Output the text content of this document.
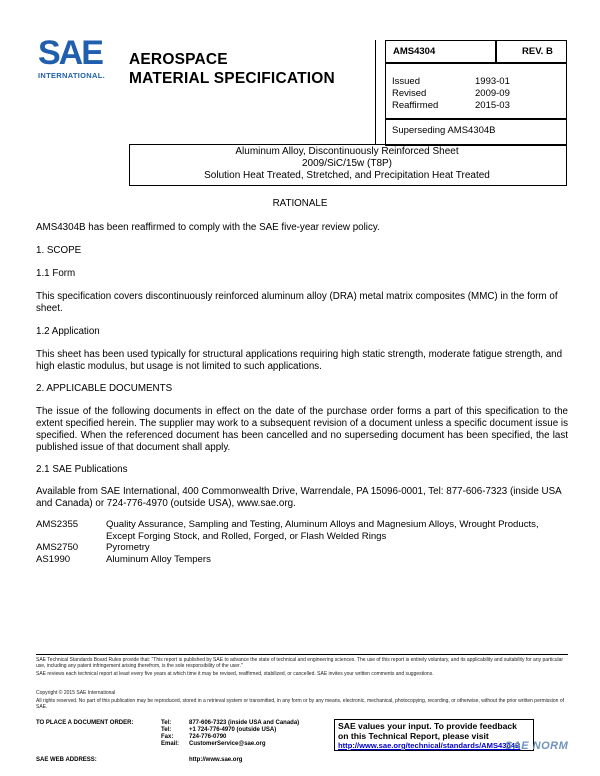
SAE
INTERNATIONAL.
AEROSPACE
MATERIAL SPECIFICATION
AMS4304	REV. B
Issued	1993-01
Revised	2009-09
Reaffirmed	2015-03
Superseding AMS4304B
Aluminum Alloy, Discontinuously Reinforced Sheet
2009/SiC/15w (T8P)
Solution Heat Treated, Stretched, and Precipitation Heat Treated
RATIONALE
AMS4304B has been reaffirmed to comply with the SAE five-year review policy.
1. SCOPE
1.1 Form
This specification covers discontinuously reinforced aluminum alloy (DRA) metal matrix composites (MMC) in the form of sheet.
1.2 Application
This sheet has been used typically for structural applications requiring high static strength, moderate fatigue strength, and high elastic modulus, but usage is not limited to such applications.
2. APPLICABLE DOCUMENTS
The issue of the following documents in effect on the date of the purchase order forms a part of this specification to the extent specified herein. The supplier may work to a subsequent revision of a document unless a specific document issue is specified. When the referenced document has been cancelled and no superseding document has been specified, the last published issue of that document shall apply.
2.1 SAE Publications
Available from SAE International, 400 Commonwealth Drive, Warrendale, PA 15096-0001, Tel: 877-606-7323 (inside USA and Canada) or 724-776-4970 (outside USA), www.sae.org.
AMS2355	Quality Assurance, Sampling and Testing, Aluminum Alloys and Magnesium Alloys, Wrought Products, Except Forging Stock, and Rolled, Forged, or Flash Welded Rings
AMS2750	Pyrometry
AS1990	Aluminum Alloy Tempers
SAE Technical Standards Board Rules provide that: "This report is published by SAE to advance the state of technical and engineering sciences. The use of this report is entirely voluntary, and its applicability and suitability for any particular use, including any patent infringement arising therefrom, is the sole responsibility of the user."
SAE reviews each technical report at least every five years at which time it may be revised, reaffirmed, stabilized, or cancelled. SAE invites your written comments and suggestions.
Copyright © 2015 SAE International
All rights reserved. No part of this publication may be reproduced, stored in a retrieval system or transmitted, in any form or by any means, electronic, mechanical, photocopying, recording, or otherwise, without the prior written permission of SAE.
TO PLACE A DOCUMENT ORDER:	Tel:	877-606-7323 (inside USA and Canada)
Tel:	+1 724-776-4970 (outside USA)
Fax:	724-776-0790
Email: CustomerService@sae.org
SAE WEB ADDRESS:	http://www.sae.org
SAE values your input. To provide feedback
on this Technical Report, please visit
http://www.sae.org/technical/standards/AMS4304B
SAE NORM
